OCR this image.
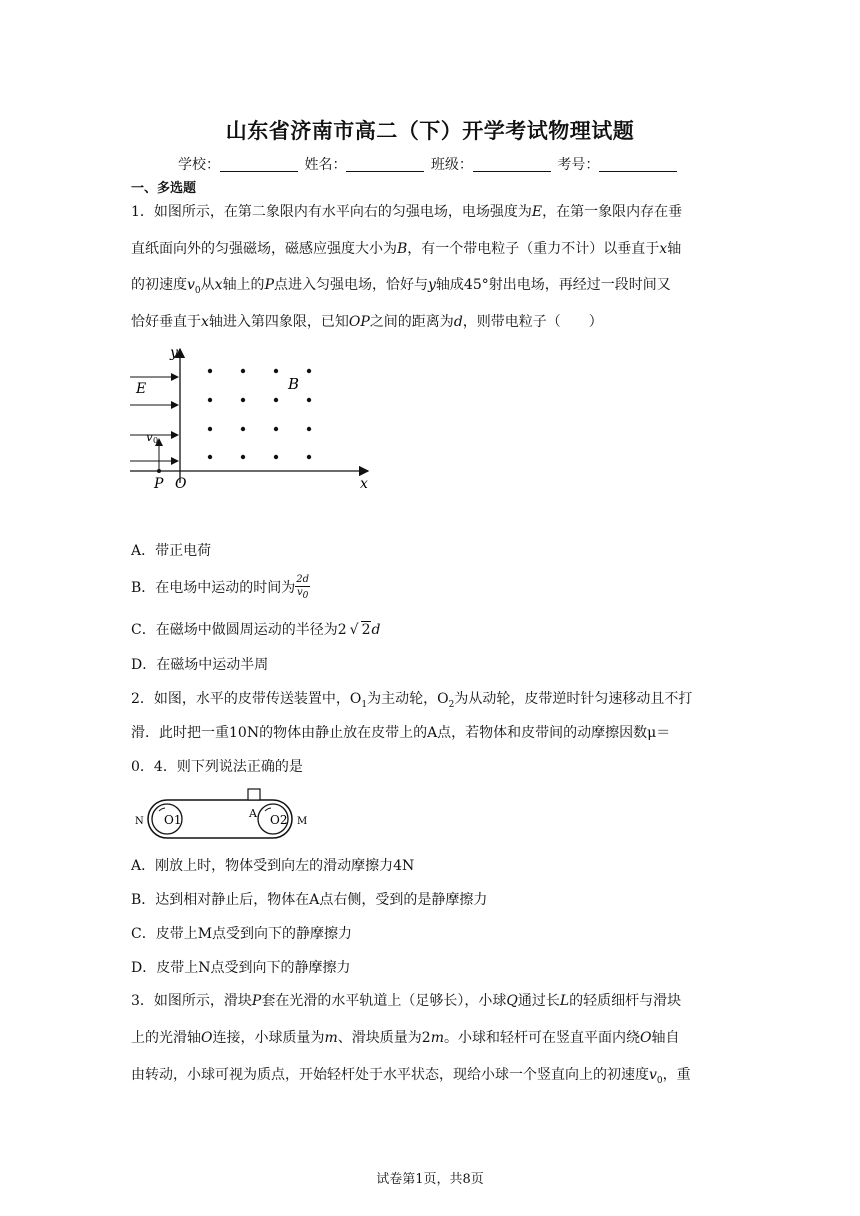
山东省济南市高二（下）开学考试物理试题
学校：	姓名：	班级：	考号：
一、多选题
1．如图所示，在第二象限内有水平向右的匀强电场，电场强度为E，在第一象限内存在垂
直纸面向外的匀强磁场，磁感应强度大小为B，有一个带电粒子（重力不计）以垂直于x轴
的初速度$v_0$从x轴上的P点进入匀强电场，恰好与y轴成45°射出电场，再经过一段时间又
恰好垂直于x轴进入第四象限，已知OP之间的距离为d，则带电粒子（　　）
y
E	B
v 0
P O	x
A．带正电荷
B．在电场中运动的时间为 $\frac{2d}{v_0}$
C．在磁场中做圆周运动的半径为2 √ 2d
D．在磁场中运动半周
2．如图，水平的皮带传送装置中，$O_1$为主动轮，$O_2$为从动轮，皮带逆时针匀速移动且不打
滑．此时把一重10N的物体由静止放在皮带上的A点，若物体和皮带间的动摩擦因数μ＝
0．4．则下列说法正确的是
N O1	A O2 M
A．刚放上时，物体受到向左的滑动摩擦力4N
B．达到相对静止后，物体在A点右侧，受到的是静摩擦力
C．皮带上M点受到向下的静摩擦力
D．皮带上N点受到向下的静摩擦力
3．如图所示，滑块P套在光滑的水平轨道上（足够长），小球Q通过长L的轻质细杆与滑块
上的光滑轴O连接，小球质量为m、滑块质量为2m。小球和轻杆可在竖直平面内绕O轴自
由转动，小球可视为质点，开始轻杆处于水平状态，现给小球一个竖直向上的初速度$v_0$，重
试卷第1页，共8页
